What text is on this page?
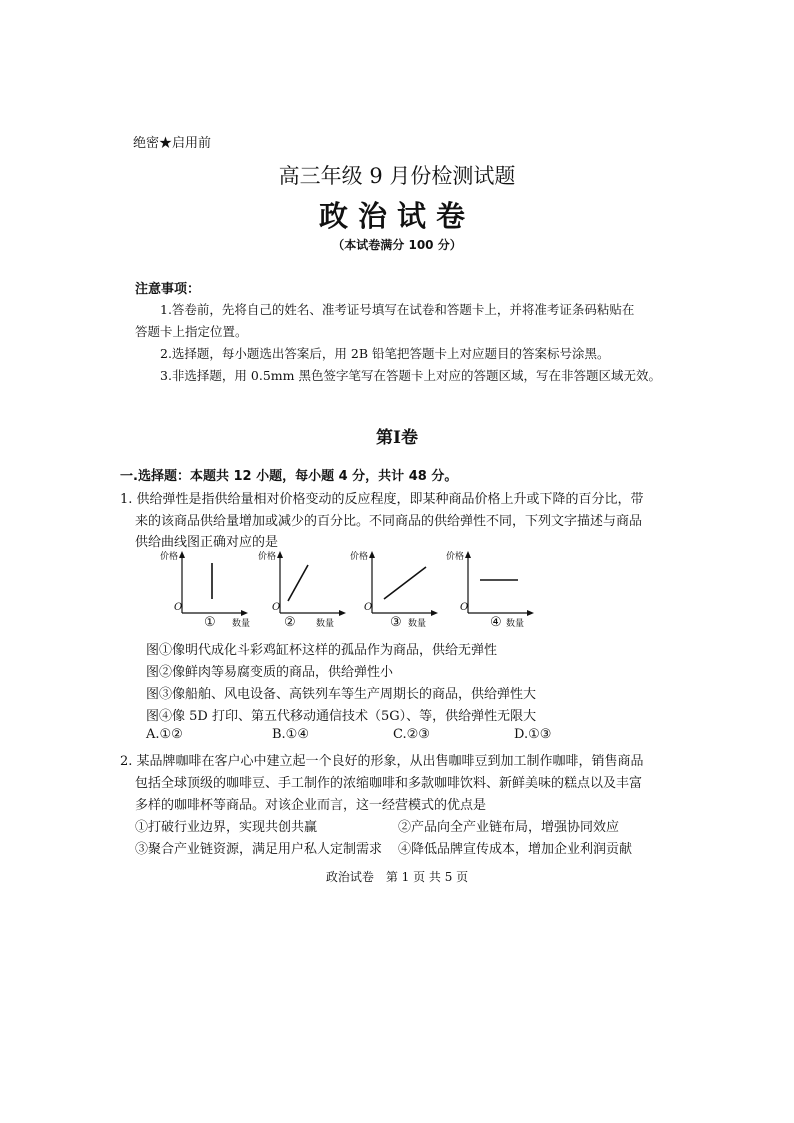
绝密★启用前
高三年级 9 月份检测试题
政治试卷
（本试卷满分 100 分）
注意事项：
1.答卷前，先将自己的姓名、准考证号填写在试卷和答题卡上，并将准考证条码粘贴在
答题卡上指定位置。
2.选择题，每小题选出答案后，用 2B 铅笔把答题卡上对应题目的答案标号涂黑。
3.非选择题，用 0.5mm 黑色签字笔写在答题卡上对应的答题区域，写在非答题区域无效。
第Ⅰ卷
一.选择题：本题共 12 小题，每小题 4 分，共计 48 分。
1. 供给弹性是指供给量相对价格变动的反应程度，即某种商品价格上升或下降的百分比，带
来的该商品供给量增加或减少的百分比。不同商品的供给弹性不同，下列文字描述与商品
供给曲线图正确对应的是
价格
O
数量
①
价格
O
数量
②
价格
O
数量
③
价格
O
数量
④
图①像明代成化斗彩鸡缸杯这样的孤品作为商品，供给无弹性
图②像鲜肉等易腐变质的商品，供给弹性小
图③像船舶、风电设备、高铁列车等生产周期长的商品，供给弹性大
图④像 5D 打印、第五代移动通信技术（5G）、等，供给弹性无限大
A.①②	B.①④	C.②③	D.①③
2. 某品牌咖啡在客户心中建立起一个良好的形象，从出售咖啡豆到加工制作咖啡，销售商品
包括全球顶级的咖啡豆、手工制作的浓缩咖啡和多款咖啡饮料、新鲜美味的糕点以及丰富
多样的咖啡杯等商品。对该企业而言，这一经营模式的优点是
①打破行业边界，实现共创共赢	②产品向全产业链布局，增强协同效应
③聚合产业链资源，满足用户私人定制需求 ④降低品牌宣传成本，增加企业利润贡献
政治试卷　第 1 页 共 5 页
